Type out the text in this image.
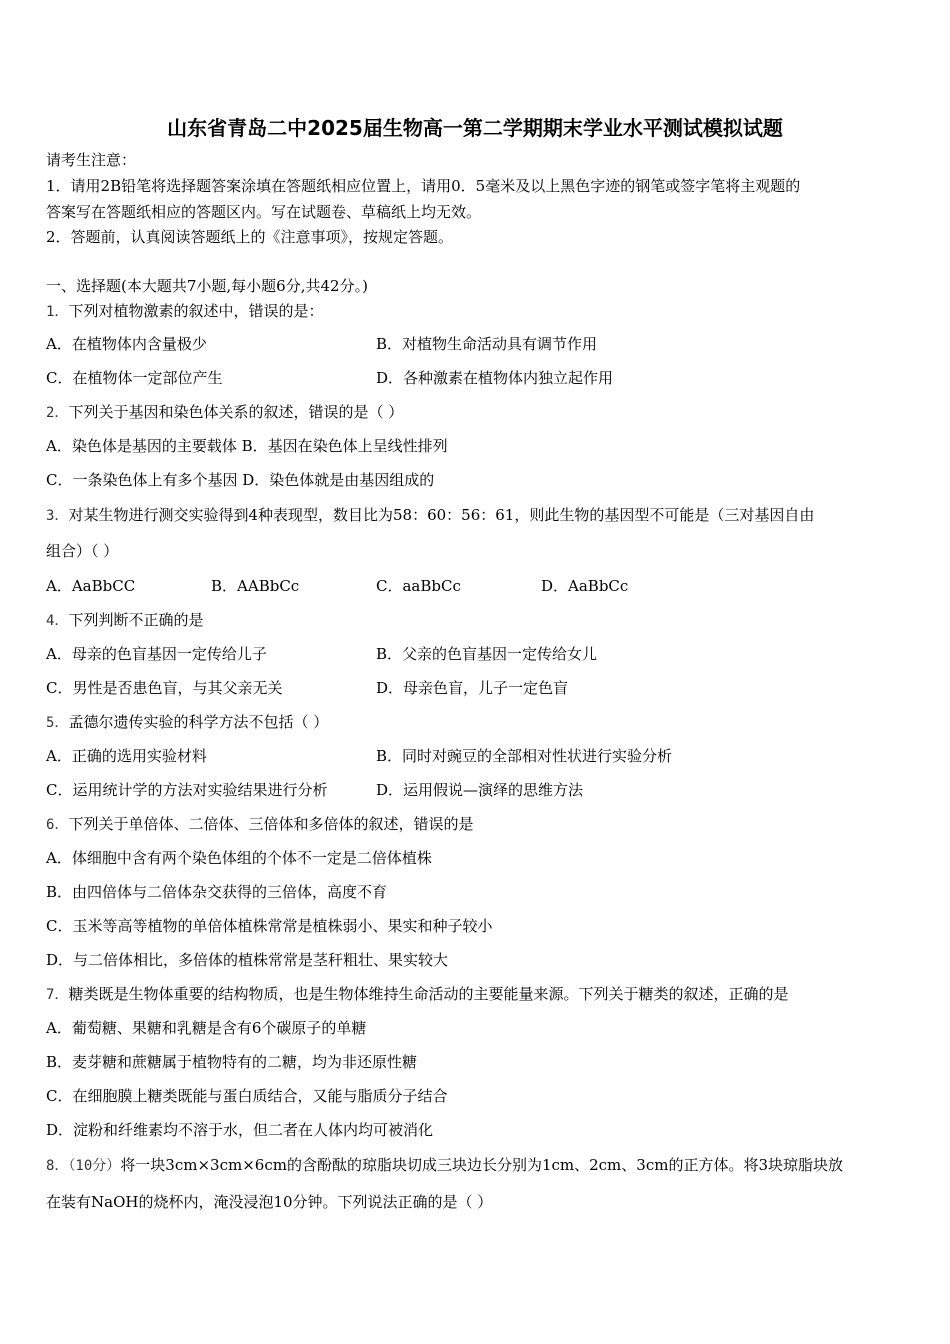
山东省青岛二中2025届生物高一第二学期期末学业水平测试模拟试题
请考生注意：
1．请用2B铅笔将选择题答案涂填在答题纸相应位置上，请用0．5毫米及以上黑色字迹的钢笔或签字笔将主观题的
答案写在答题纸相应的答题区内。写在试题卷、草稿纸上均无效。
2．答题前，认真阅读答题纸上的《注意事项》，按规定答题。
一、选择题(本大题共7小题,每小题6分,共42分。)
1．下列对植物激素的叙述中，错误的是：
A．在植物体内含量极少	B．对植物生命活动具有调节作用
C．在植物体一定部位产生	D．各种激素在植物体内独立起作用
2．下列关于基因和染色体关系的叙述，错误的是（ ）
A．染色体是基因的主要载体 B．基因在染色体上呈线性排列
C．一条染色体上有多个基因 D．染色体就是由基因组成的
3．对某生物进行测交实验得到4种表现型，数目比为58：60：56：61，则此生物的基因型不可能是（三对基因自由
组合）（ ）
A．AaBbCC	B．AABbCc	C．aaBbCc	D．AaBbCc
4．下列判断不正确的是
A．母亲的色盲基因一定传给儿子	B．父亲的色盲基因一定传给女儿
C．男性是否患色盲，与其父亲无关	D．母亲色盲，儿子一定色盲
5．孟德尔遗传实验的科学方法不包括（ ）
A．正确的选用实验材料	B．同时对豌豆的全部相对性状进行实验分析
C．运用统计学的方法对实验结果进行分析	D．运用假说—演绎的思维方法
6．下列关于单倍体、二倍体、三倍体和多倍体的叙述，错误的是
A．体细胞中含有两个染色体组的个体不一定是二倍体植株
B．由四倍体与二倍体杂交获得的三倍体，高度不育
C．玉米等高等植物的单倍体植株常常是植株弱小、果实和种子较小
D．与二倍体相比，多倍体的植株常常是茎秆粗壮、果实较大
7．糖类既是生物体重要的结构物质，也是生物体维持生命活动的主要能量来源。下列关于糖类的叙述，正确的是
A．葡萄糖、果糖和乳糖是含有6个碳原子的单糖
B．麦芽糖和蔗糖属于植物特有的二糖，均为非还原性糖
C．在细胞膜上糖类既能与蛋白质结合，又能与脂质分子结合
D．淀粉和纤维素均不溶于水，但二者在人体内均可被消化
8．（10分）将一块3cm×3cm×6cm的含酚酞的琼脂块切成三块边长分别为1cm、2cm、3cm的正方体。将3块琼脂块放
在装有NaOH的烧杯内，淹没浸泡10分钟。下列说法正确的是（ ）
